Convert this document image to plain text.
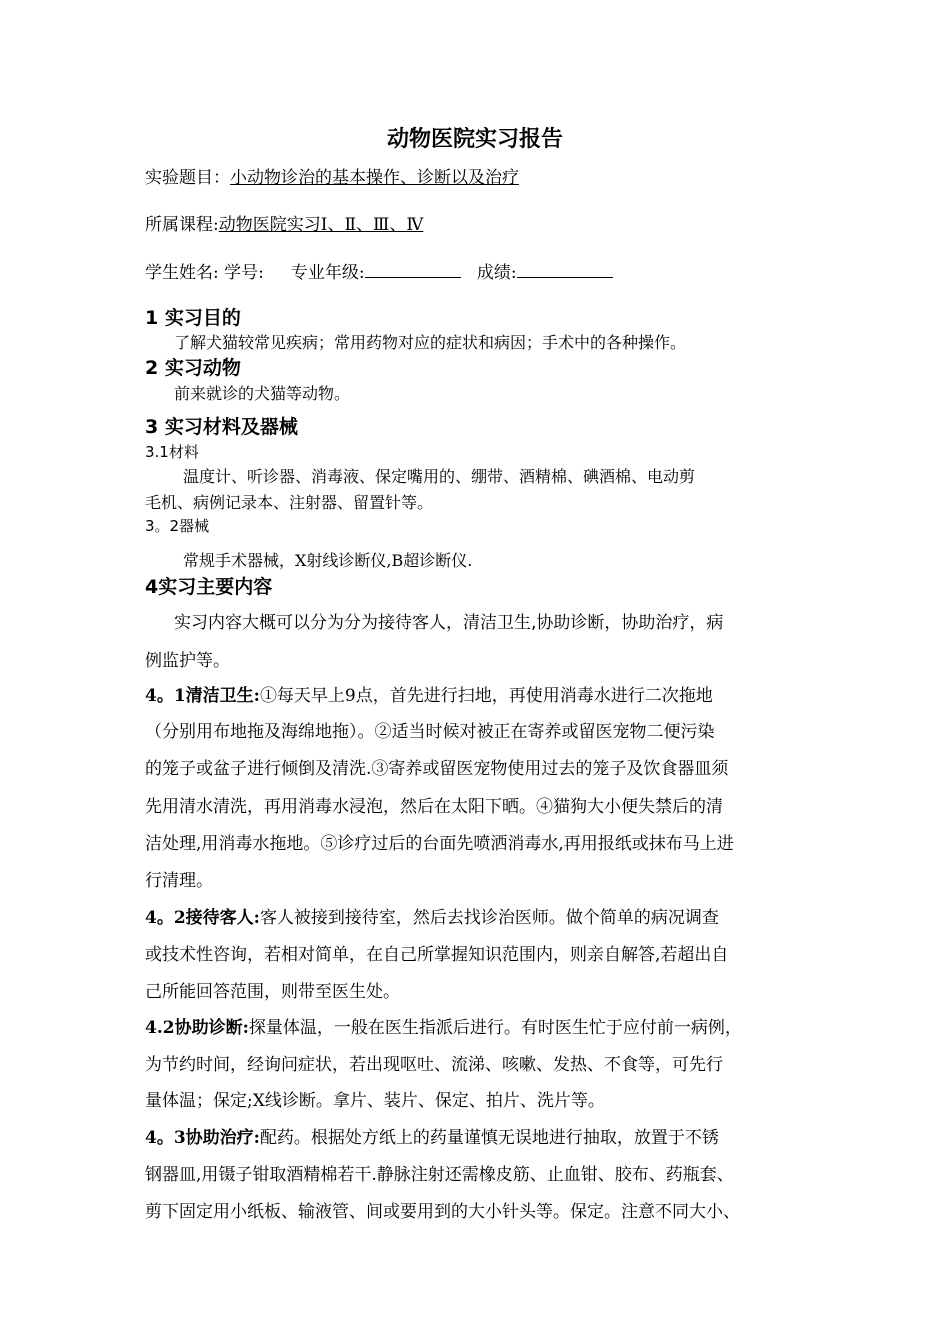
动物医院实习报告
实验题目：小动物诊治的基本操作、诊断以及治疗
所属课程:动物医院实习Ⅰ、Ⅱ、Ⅲ、Ⅳ
学生姓名: 学号: 专业年级:	成绩:
1 实习目的
了解犬猫较常见疾病；常用药物对应的症状和病因；手术中的各种操作。
2 实习动物
前来就诊的犬猫等动物。
3 实习材料及器械
3.1材料
温度计、听诊器、消毒液、保定嘴用的、绷带、酒精棉、碘酒棉、电动剪
毛机、病例记录本、注射器、留置针等。
3。2器械
常规手术器械，X射线诊断仪,B超诊断仪.
4实习主要内容
实习内容大概可以分为分为接待客人，清洁卫生,协助诊断，协助治疗，病
例监护等。
4。1清洁卫生:①每天早上9点，首先进行扫地，再使用消毒水进行二次拖地
（分别用布地拖及海绵地拖）。②适当时候对被正在寄养或留医宠物二便污染
的笼子或盆子进行倾倒及清洗.③寄养或留医宠物使用过去的笼子及饮食器皿须
先用清水清洗，再用消毒水浸泡，然后在太阳下晒。④猫狗大小便失禁后的清
洁处理,用消毒水拖地。⑤诊疗过后的台面先喷洒消毒水,再用报纸或抹布马上进
行清理。
4。2接待客人:客人被接到接待室，然后去找诊治医师。做个简单的病况调查
或技术性咨询，若相对简单，在自己所掌握知识范围内，则亲自解答,若超出自
己所能回答范围，则带至医生处。
4.2协助诊断:探量体温，一般在医生指派后进行。有时医生忙于应付前一病例，
为节约时间，经询问症状，若出现呕吐、流涕、咳嗽、发热、不食等，可先行
量体温；保定;X线诊断。拿片、装片、保定、拍片、洗片等。
4。3协助治疗:配药。根据处方纸上的药量谨慎无误地进行抽取，放置于不锈
钢器皿,用镊子钳取酒精棉若干.静脉注射还需橡皮筋、止血钳、胶布、药瓶套、
剪下固定用小纸板、输液管、间或要用到的大小针头等。保定。注意不同大小、
